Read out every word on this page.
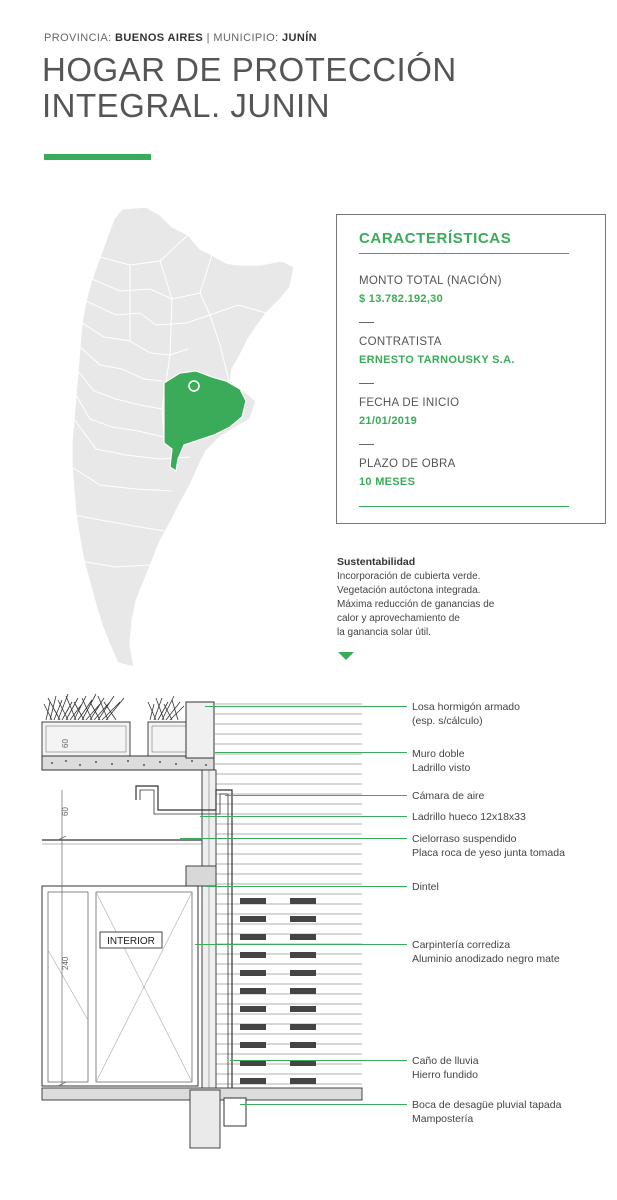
PROVINCIA: BUENOS AIRES | MUNICIPIO: JUNÍN
HOGAR DE PROTECCIÓN
INTEGRAL. JUNIN
CARACTERÍSTICAS
MONTO TOTAL (NACIÓN)
$ 13.782.192,30
CONTRATISTA
ERNESTO TARNOUSKY S.A.
FECHA DE INICIO
21/01/2019
PLAZO DE OBRA
10 MESES
Sustentabilidad
Incorporación de cubierta verde.
Vegetación autóctona integrada.
Máxima reducción de ganancias de
calor y aprovechamiento de
la ganancia solar útil.
60
60
240
INTERIOR
Losa hormigón armado
(esp. s/cálculo)
Muro doble
Ladrillo visto
Cámara de aire
Ladrillo hueco 12x18x33
Cielorraso suspendido
Placa roca de yeso junta tomada
Dintel
Carpintería corrediza
Aluminio anodizado negro mate
Caño de lluvia
Hierro fundido
Boca de desagüe pluvial tapada
Mampostería
